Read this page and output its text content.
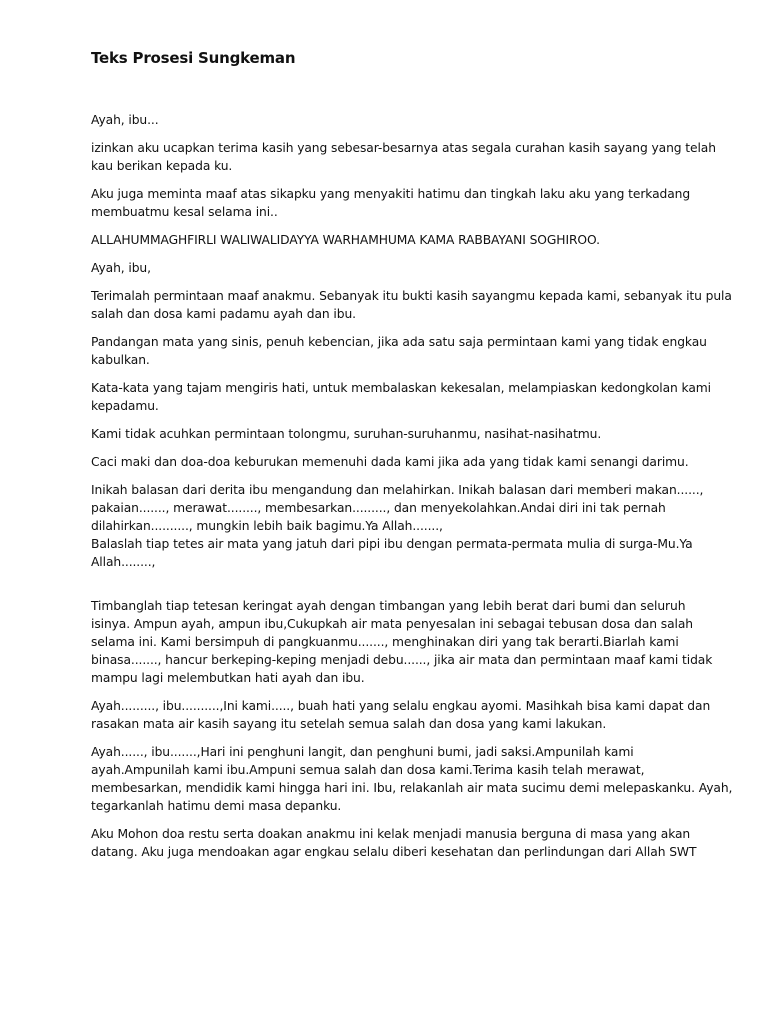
Teks Prosesi Sungkeman
Ayah, ibu...
izinkan aku ucapkan terima kasih yang sebesar-besarnya atas segala curahan kasih sayang yang telah
kau berikan kepada ku.
Aku juga meminta maaf atas sikapku yang menyakiti hatimu dan tingkah laku aku yang terkadang
membuatmu kesal selama ini..
ALLAHUMMAGHFIRLI WALIWALIDAYYA WARHAMHUMA KAMA RABBAYANI SOGHIROO.
Ayah, ibu,
Terimalah permintaan maaf anakmu. Sebanyak itu bukti kasih sayangmu kepada kami, sebanyak itu pula
salah dan dosa kami padamu ayah dan ibu.
Pandangan mata yang sinis, penuh kebencian, jika ada satu saja permintaan kami yang tidak engkau
kabulkan.
Kata-kata yang tajam mengiris hati, untuk membalaskan kekesalan, melampiaskan kedongkolan kami
kepadamu.
Kami tidak acuhkan permintaan tolongmu, suruhan-suruhanmu, nasihat-nasihatmu.
Caci maki dan doa-doa keburukan memenuhi dada kami jika ada yang tidak kami senangi darimu.
Inikah balasan dari derita ibu mengandung dan melahirkan. Inikah balasan dari memberi makan......,
pakaian......., merawat........, membesarkan........., dan menyekolahkan.Andai diri ini tak pernah
dilahirkan.........., mungkin lebih baik bagimu.Ya Allah.......,
Balaslah tiap tetes air mata yang jatuh dari pipi ibu dengan permata-permata mulia di surga-Mu.Ya
Allah........,
Timbanglah tiap tetesan keringat ayah dengan timbangan yang lebih berat dari bumi dan seluruh
isinya. Ampun ayah, ampun ibu,Cukupkah air mata penyesalan ini sebagai tebusan dosa dan salah
selama ini. Kami bersimpuh di pangkuanmu......., menghinakan diri yang tak berarti.Biarlah kami
binasa......., hancur berkeping-keping menjadi debu......, jika air mata dan permintaan maaf kami tidak
mampu lagi melembutkan hati ayah dan ibu.
Ayah........., ibu..........,Ini kami....., buah hati yang selalu engkau ayomi. Masihkah bisa kami dapat dan
rasakan mata air kasih sayang itu setelah semua salah dan dosa yang kami lakukan.
Ayah......, ibu.......,Hari ini penghuni langit, dan penghuni bumi, jadi saksi.Ampunilah kami
ayah.Ampunilah kami ibu.Ampuni semua salah dan dosa kami.Terima kasih telah merawat,
membesarkan, mendidik kami hingga hari ini. Ibu, relakanlah air mata sucimu demi melepaskanku. Ayah,
tegarkanlah hatimu demi masa depanku.
Aku Mohon doa restu serta doakan anakmu ini kelak menjadi manusia berguna di masa yang akan
datang. Aku juga mendoakan agar engkau selalu diberi kesehatan dan perlindungan dari Allah SWT
